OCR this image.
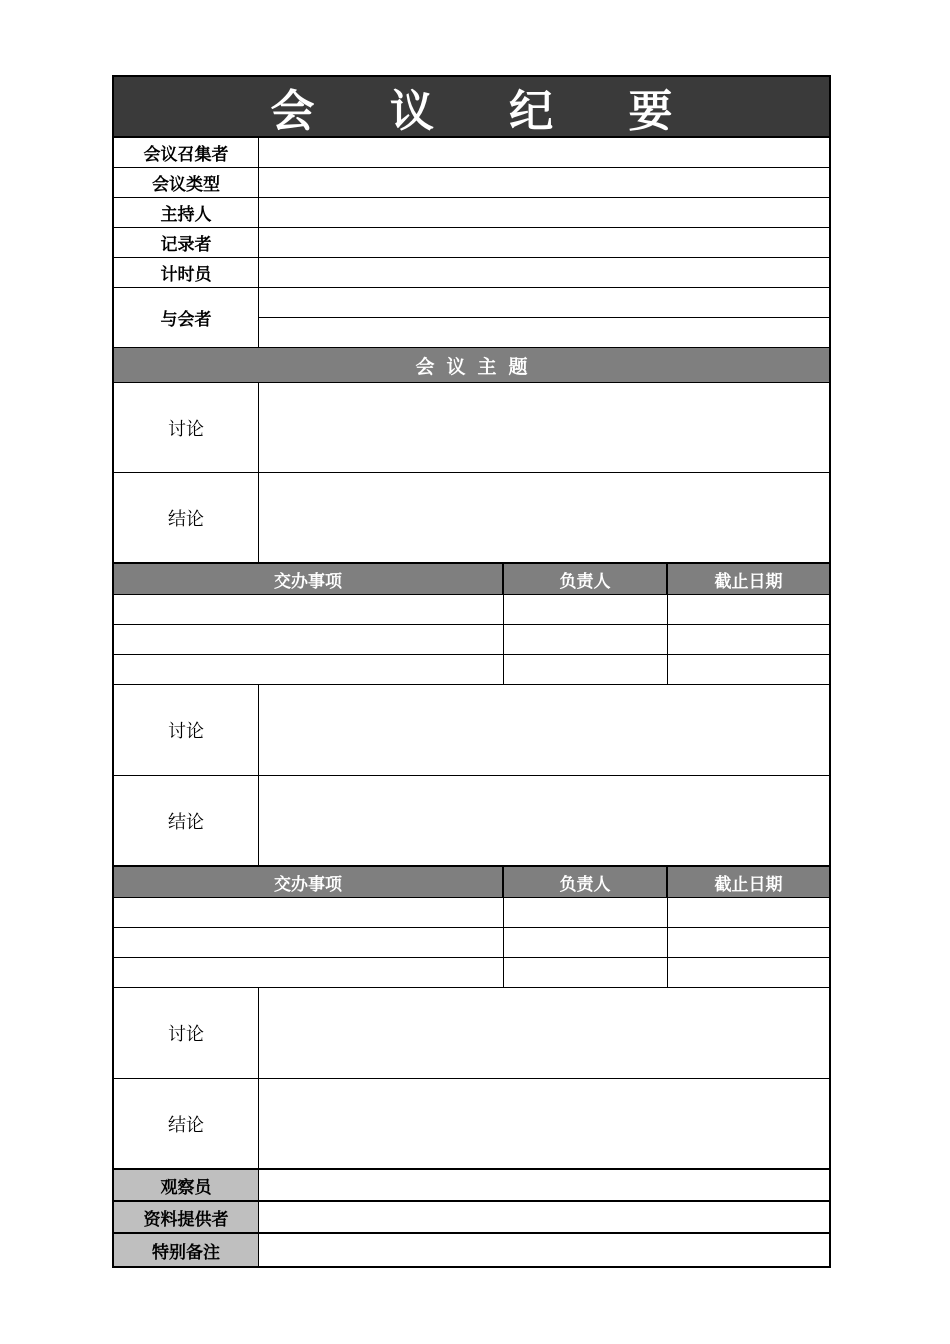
会 议 纪 要
会议召集者
会议类型
主持人
记录者
计时员
与会者
会议主题
讨论
结论
交办事项	负责人	截止日期
讨论
结论
交办事项	负责人	截止日期
讨论
结论
观察员
资料提供者
特别备注
